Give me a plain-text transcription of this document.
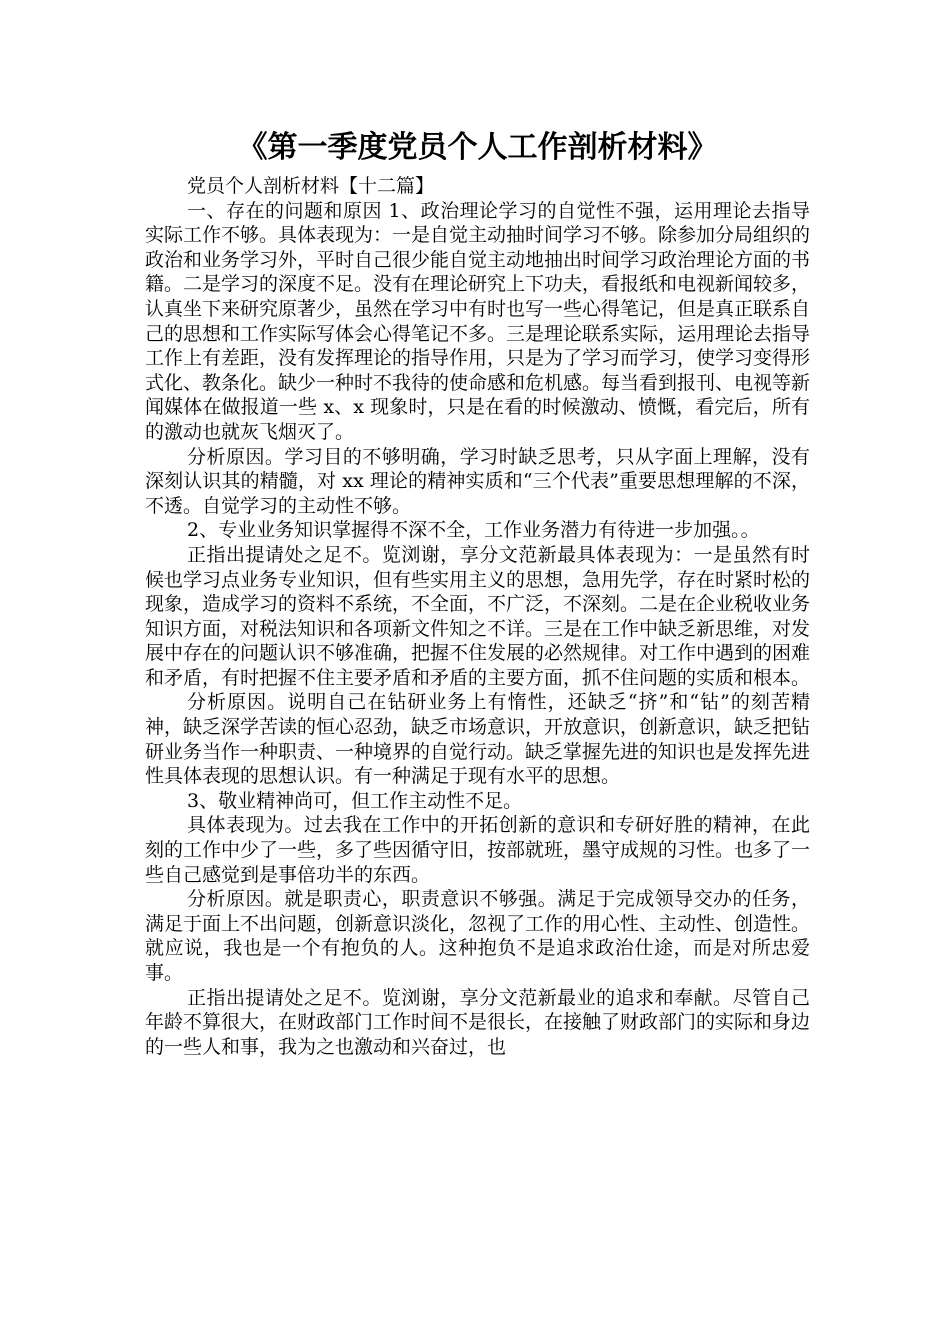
《第一季度党员个人工作剖析材料》

党员个人剖析材料【十二篇】

一、存在的问题和原因 1、政治理论学习的自觉性不强，运用理论去指导实际工作不够。具体表现为：一是自觉主动抽时间学习不够。除参加分局组织的政治和业务学习外，平时自己很少能自觉主动地抽出时间学习政治理论方面的书籍。二是学习的深度不足。没有在理论研究上下功夫，看报纸和电视新闻较多，认真坐下来研究原著少，虽然在学习中有时也写一些心得笔记，但是真正联系自己的思想和工作实际写体会心得笔记不多。三是理论联系实际，运用理论去指导工作上有差距，没有发挥理论的指导作用，只是为了学习而学习，使学习变得形式化、教条化。缺少一种时不我待的使命感和危机感。每当看到报刊、电视等新闻媒体在做报道一些 x、x 现象时，只是在看的时候激动、愤慨，看完后，所有的激动也就灰飞烟灭了。

分析原因。学习目的不够明确，学习时缺乏思考，只从字面上理解，没有深刻认识其的精髓，对 xx 理论的精神实质和“三个代表”重要思想理解的不深，不透。自觉学习的主动性不够。

2、专业业务知识掌握得不深不全，工作业务潜力有待进一步加强。。

正指出提请处之足不。览浏谢，享分文范新最具体表现为：一是虽然有时候也学习点业务专业知识，但有些实用主义的思想，急用先学，存在时紧时松的现象，造成学习的资料不系统，不全面，不广泛，不深刻。二是在企业税收业务知识方面，对税法知识和各项新文件知之不详。三是在工作中缺乏新思维，对发展中存在的问题认识不够准确，把握不住发展的必然规律。对工作中遇到的困难和矛盾，有时把握不住主要矛盾和矛盾的主要方面，抓不住问题的实质和根本。

分析原因。说明自己在钻研业务上有惰性，还缺乏“挤”和“钻”的刻苦精神，缺乏深学苦读的恒心忍劲，缺乏市场意识，开放意识，创新意识，缺乏把钻研业务当作一种职责、一种境界的自觉行动。缺乏掌握先进的知识也是发挥先进性具体表现的思想认识。有一种满足于现有水平的思想。

3、敬业精神尚可，但工作主动性不足。

具体表现为。过去我在工作中的开拓创新的意识和专研好胜的精神，在此刻的工作中少了一些，多了些因循守旧，按部就班，墨守成规的习性。也多了一些自己感觉到是事倍功半的东西。

分析原因。就是职责心，职责意识不够强。满足于完成领导交办的任务，满足于面上不出问题，创新意识淡化，忽视了工作的用心性、主动性、创造性。就应说，我也是一个有抱负的人。这种抱负不是追求政治仕途，而是对所忠爱事。

正指出提请处之足不。览浏谢，享分文范新最业的追求和奉献。尽管自己年龄不算很大，在财政部门工作时间不是很长，在接触了财政部门的实际和身边的一些人和事，我为之也激动和兴奋过，也
